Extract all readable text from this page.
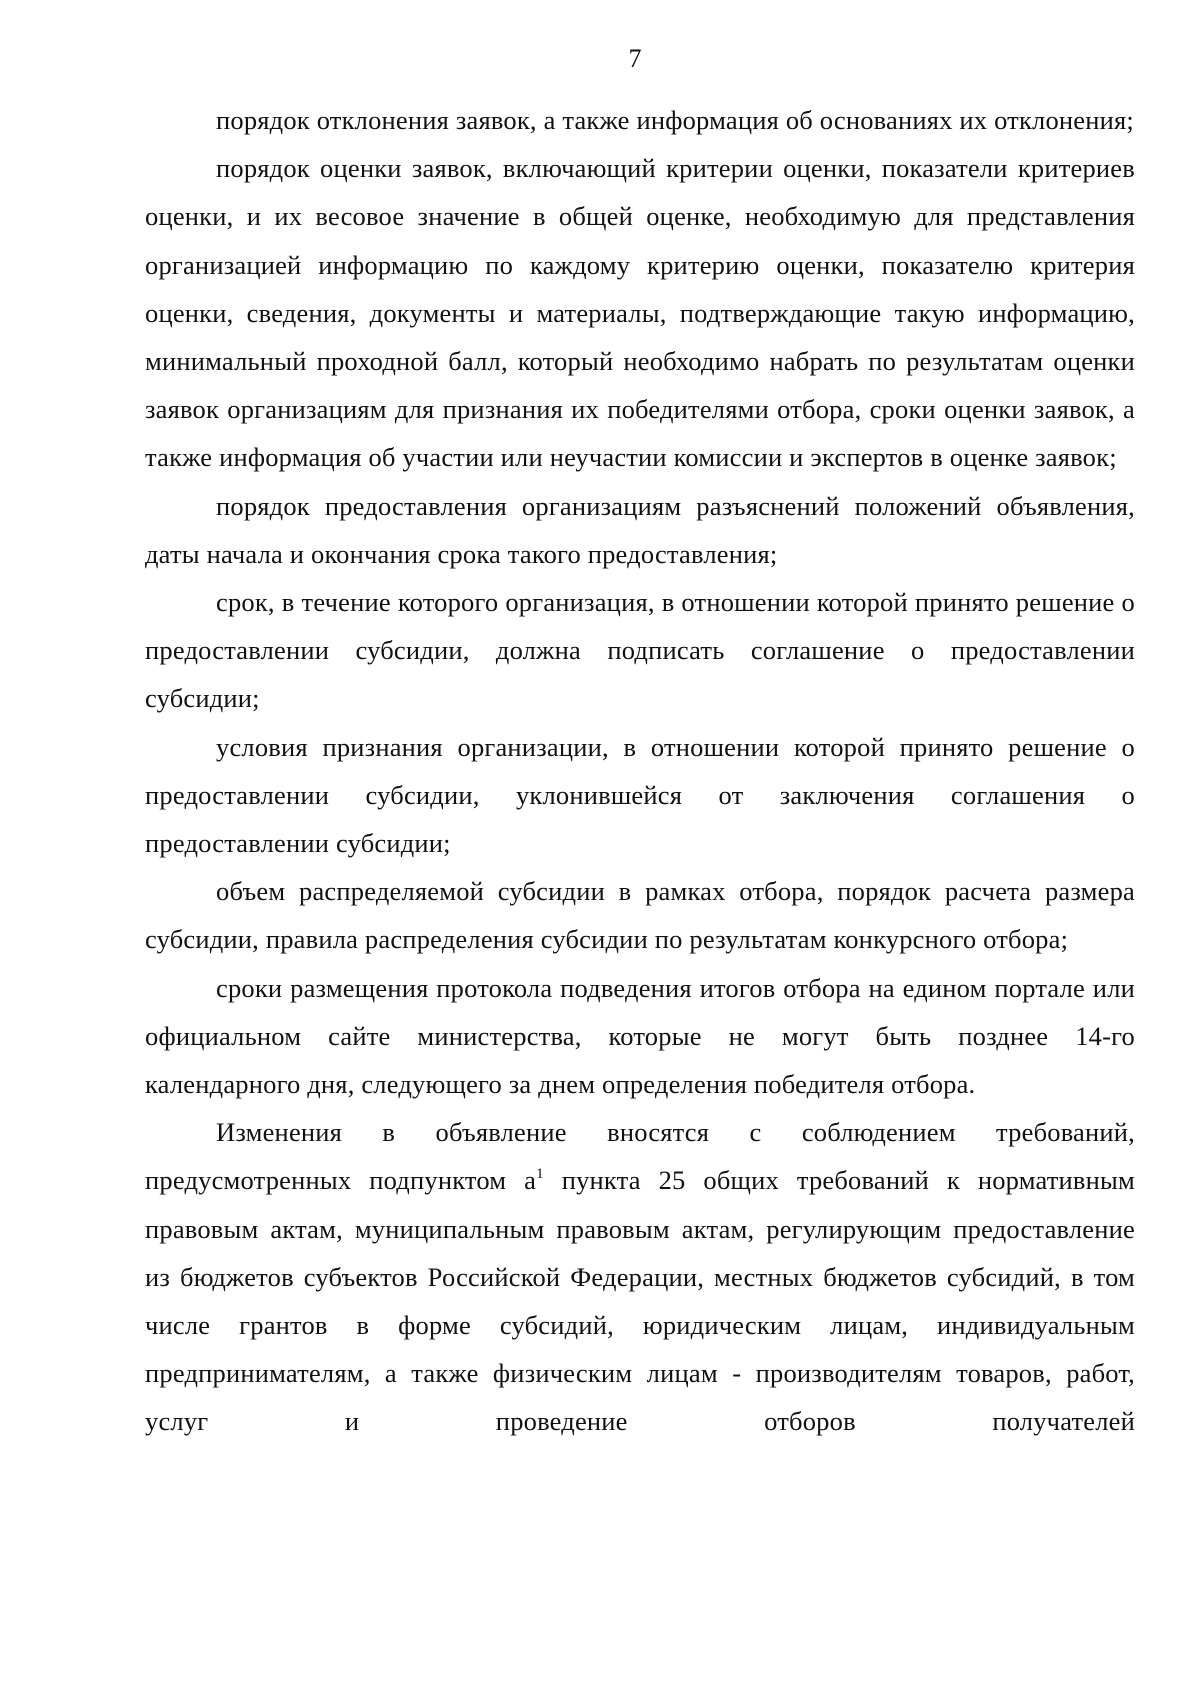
7

порядок отклонения заявок, а также информация об основаниях их отклонения;

порядок оценки заявок, включающий критерии оценки, показатели критериев оценки, и их весовое значение в общей оценке, необходимую для представления организацией информацию по каждому критерию оценки, показателю критерия оценки, сведения, документы и материалы, подтверждающие такую информацию, минимальный проходной балл, который необходимо набрать по результатам оценки заявок организациям для признания их победителями отбора, сроки оценки заявок, а также информация об участии или неучастии комиссии и экспертов в оценке заявок;

порядок предоставления организациям разъяснений положений объявления, даты начала и окончания срока такого предоставления;

срок, в течение которого организация, в отношении которой принято решение о предоставлении субсидии, должна подписать соглашение о предоставлении субсидии;

условия признания организации, в отношении которой принято решение о предоставлении субсидии, уклонившейся от заключения соглашения о предоставлении субсидии;

объем распределяемой субсидии в рамках отбора, порядок расчета размера субсидии, правила распределения субсидии по результатам конкурсного отбора;

сроки размещения протокола подведения итогов отбора на едином портале или официальном сайте министерства, которые не могут быть позднее 14-го календарного дня, следующего за днем определения победителя отбора.

Изменения в объявление вносятся с соблюдением требований, предусмотренных подпунктом $а^1$ пункта 25 общих требований к нормативным правовым актам, муниципальным правовым актам, регулирующим предоставление из бюджетов субъектов Российской Федерации, местных бюджетов субсидий, в том числе грантов в форме субсидий, юридическим лицам, индивидуальным предпринимателям, а также физическим лицам - производителям товаров, работ, услуг и проведение отборов получателей
